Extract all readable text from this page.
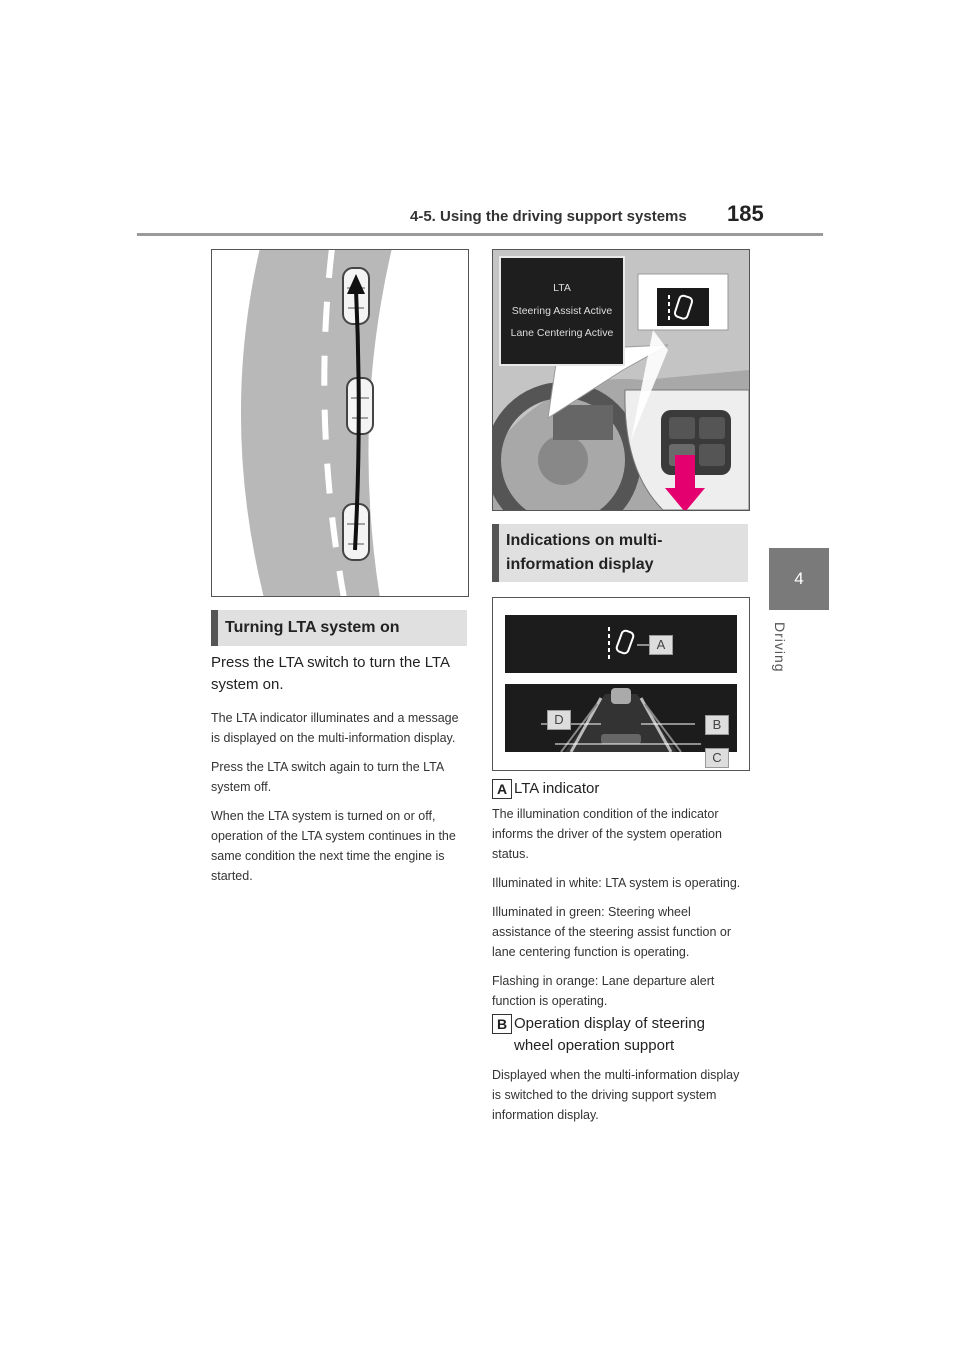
4-5. Using the driving support systems 185
4
Driving
LTA
Steering Assist Active
Lane Centering Active
Turning LTA system on
Press the LTA switch to turn the LTA system on.
The LTA indicator illuminates and a message is displayed on the multi-information display.
Press the LTA switch again to turn the LTA system off.
When the LTA system is turned on or off, operation of the LTA system continues in the same condition the next time the engine is started.
Indications on multi-information display
A
D	B
C
A LTA indicator
The illumination condition of the indicator informs the driver of the system operation status.
Illuminated in white: LTA system is operating.
Illuminated in green: Steering wheel assistance of the steering assist function or lane centering function is operating.
Flashing in orange: Lane departure alert function is operating.
B Operation display of steering wheel operation support
Displayed when the multi-information display is switched to the driving support system information display.
